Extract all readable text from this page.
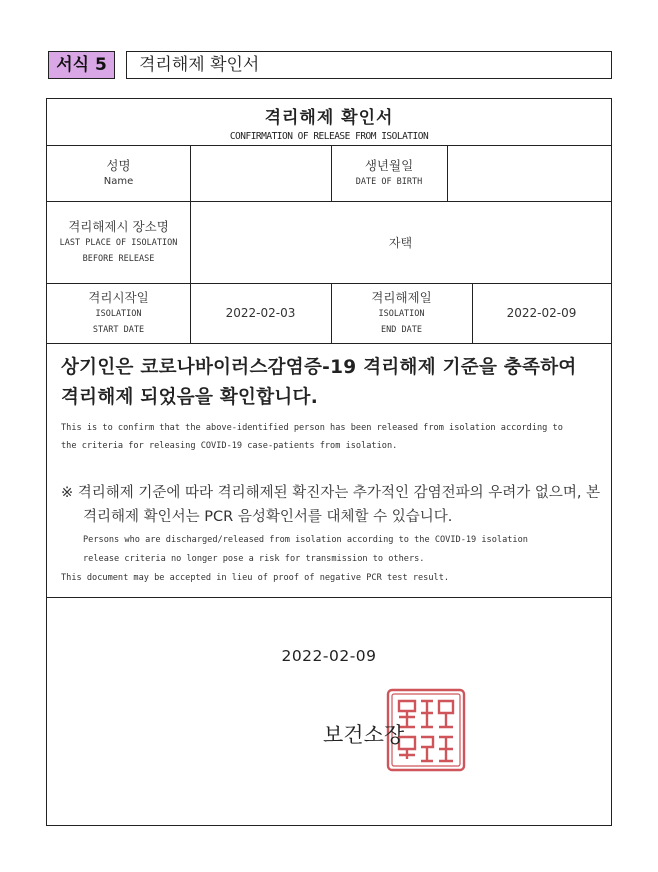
서식 5	격리해제 확인서
격리해제 확인서
CONFIRMATION OF RELEASE FROM ISOLATION
성명
Name
생년월일
DATE OF BIRTH
격리해제시 장소명
LAST PLACE OF ISOLATION
BEFORE RELEASE
자택
격리시작일
ISOLATION
START DATE
2022-02-03
격리해제일
ISOLATION
END DATE
2022-02-09
상기인은 코로나바이러스감염증-19 격리해제 기준을 충족하여
격리해제 되었음을 확인합니다.
This is to confirm that the above-identified person has been released from isolation according to
the criteria for releasing COVID-19 case-patients from isolation.
※ 격리해제 기준에 따라 격리해제된 확진자는 추가적인 감염전파의 우려가 없으며, 본 격리해제 확인서는 PCR 음성확인서를 대체할 수 있습니다.
Persons who are discharged/released from isolation according to the COVID-19 isolation
release criteria no longer pose a risk for transmission to others.
This document may be accepted in lieu of proof of negative PCR test result.
2022-02-09
보건소장
